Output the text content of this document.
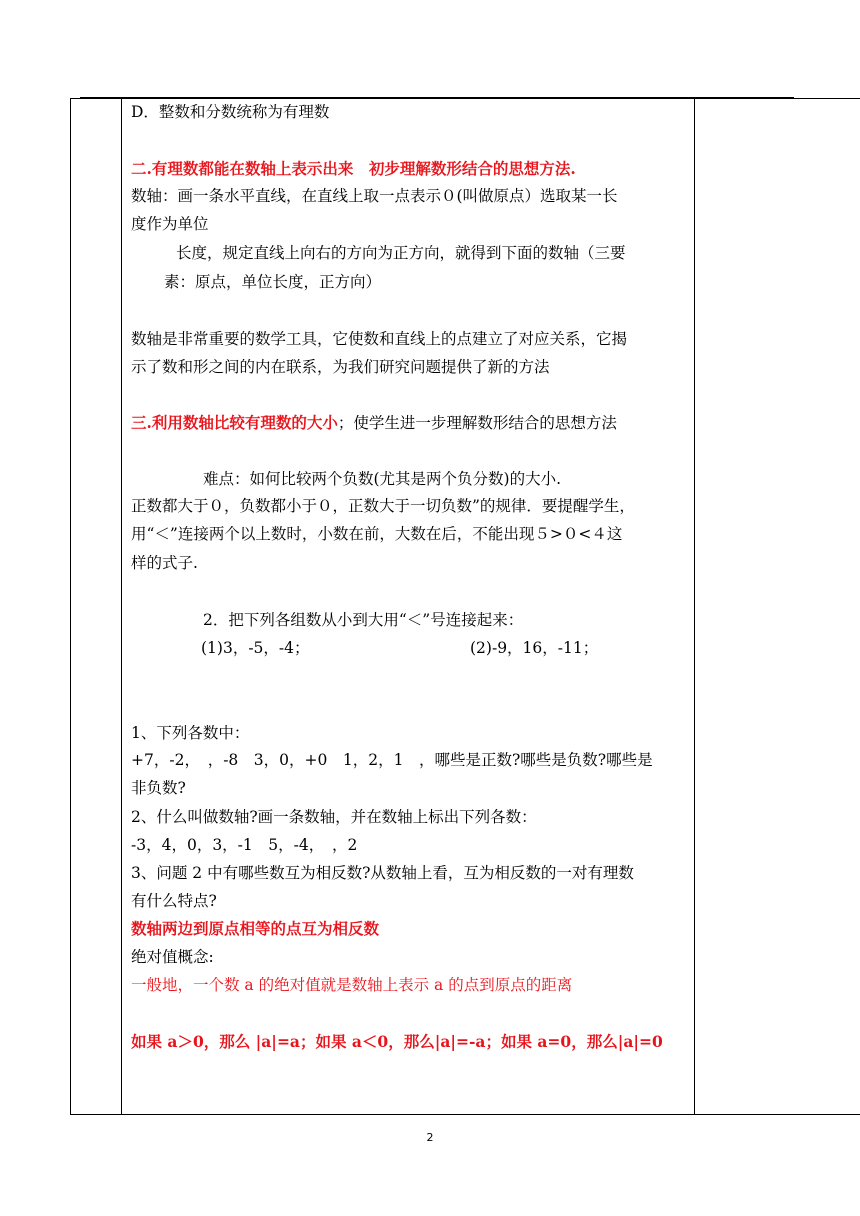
D．整数和分数统称为有理数
二.有理数都能在数轴上表示出来　初步理解数形结合的思想方法.
数轴：画一条水平直线，在直线上取一点表示０(叫做原点）选取某一长
度作为单位
长度，规定直线上向右的方向为正方向，就得到下面的数轴（三要
素：原点，单位长度，正方向）
数轴是非常重要的数学工具，它使数和直线上的点建立了对应关系，它揭
示了数和形之间的内在联系，为我们研究问题提供了新的方法
三.利用数轴比较有理数的大小；使学生进一步理解数形结合的思想方法
难点：如何比较两个负数(尤其是两个负分数)的大小.
正数都大于０，负数都小于０，正数大于一切负数”的规律．要提醒学生，
用“＜”连接两个以上数时，小数在前，大数在后，不能出现５>０<４这
样的式子.
2．把下列各组数从小到大用“＜”号连接起来：
(1)3，-5，-4；	(2)-9，16，-11；
1、下列各数中：
+7，-2，　，-8　3，0，+0　1，2，1　，哪些是正数?哪些是负数?哪些是
非负数?
2、什么叫做数轴?画一条数轴，并在数轴上标出下列各数：
-3，4，0，3，-1　5，-4，　，2
3、问题 2 中有哪些数互为相反数?从数轴上看，互为相反数的一对有理数
有什么特点?
数轴两边到原点相等的点互为相反数
绝对值概念:
一般地，一个数 a 的绝对值就是数轴上表示 a 的点到原点的距离
如果 a＞0，那么 |a|=a；如果 a＜0，那么|a|=-a；如果 a=0，那么|a|=0
2
